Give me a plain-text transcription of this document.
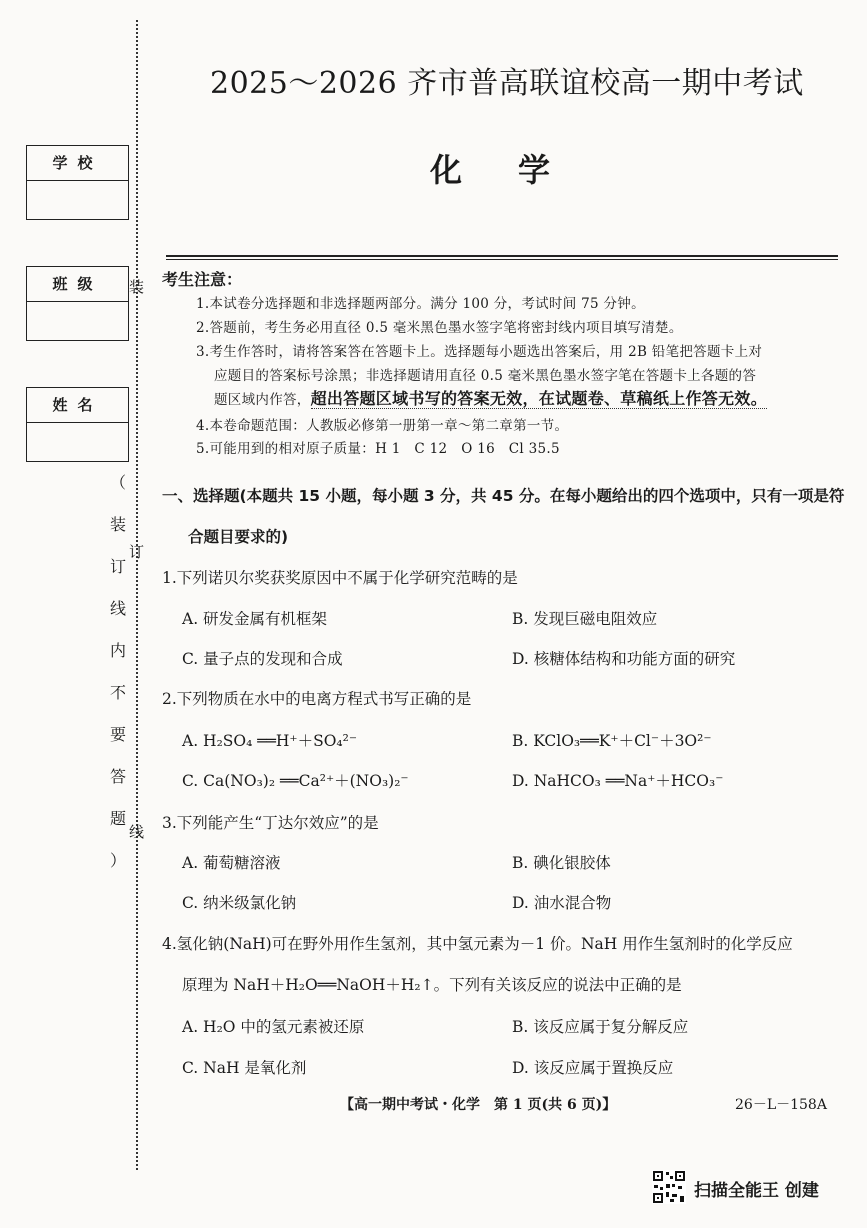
2025～2026 齐市普高联谊校高一期中考试
化学
学校
班级
姓名
装
订
线
（
装
订
线
内
不
要
答
题
）
考生注意：
1.本试卷分选择题和非选择题两部分。满分 100 分，考试时间 75 分钟。
2.答题前，考生务必用直径 0.5 毫米黑色墨水签字笔将密封线内项目填写清楚。
3.考生作答时，请将答案答在答题卡上。选择题每小题选出答案后，用 2B 铅笔把答题卡上对
应题目的答案标号涂黑；非选择题请用直径 0.5 毫米黑色墨水签字笔在答题卡上各题的答
题区域内作答，超出答题区域书写的答案无效，在试题卷、草稿纸上作答无效。
4.本卷命题范围：人教版必修第一册第一章～第二章第一节。
5.可能用到的相对原子质量：H 1　C 12　O 16　Cl 35.5
一、选择题(本题共 15 小题，每小题 3 分，共 45 分。在每小题给出的四个选项中，只有一项是符
合题目要求的)
1.下列诺贝尔奖获奖原因中不属于化学研究范畴的是
A. 研发金属有机框架	B. 发现巨磁电阻效应
C. 量子点的发现和合成	D. 核糖体结构和功能方面的研究
2.下列物质在水中的电离方程式书写正确的是
A. H₂SO₄ ══H⁺＋SO₄²⁻	B. KClO₃══K⁺＋Cl⁻＋3O²⁻
C. Ca(NO₃)₂ ══Ca²⁺＋(NO₃)₂⁻	D. NaHCO₃ ══Na⁺＋HCO₃⁻
3.下列能产生“丁达尔效应”的是
A. 葡萄糖溶液	B. 碘化银胶体
C. 纳米级氯化钠	D. 油水混合物
4.氢化钠(NaH)可在野外用作生氢剂，其中氢元素为－1 价。NaH 用作生氢剂时的化学反应
原理为 NaH＋H₂O══NaOH＋H₂↑。下列有关该反应的说法中正确的是
A. H₂O 中的氢元素被还原	B. 该反应属于复分解反应
C. NaH 是氧化剂	D. 该反应属于置换反应
【高一期中考试・化学　第 1 页(共 6 页)】	26－L－158A
扫描全能王 创建
